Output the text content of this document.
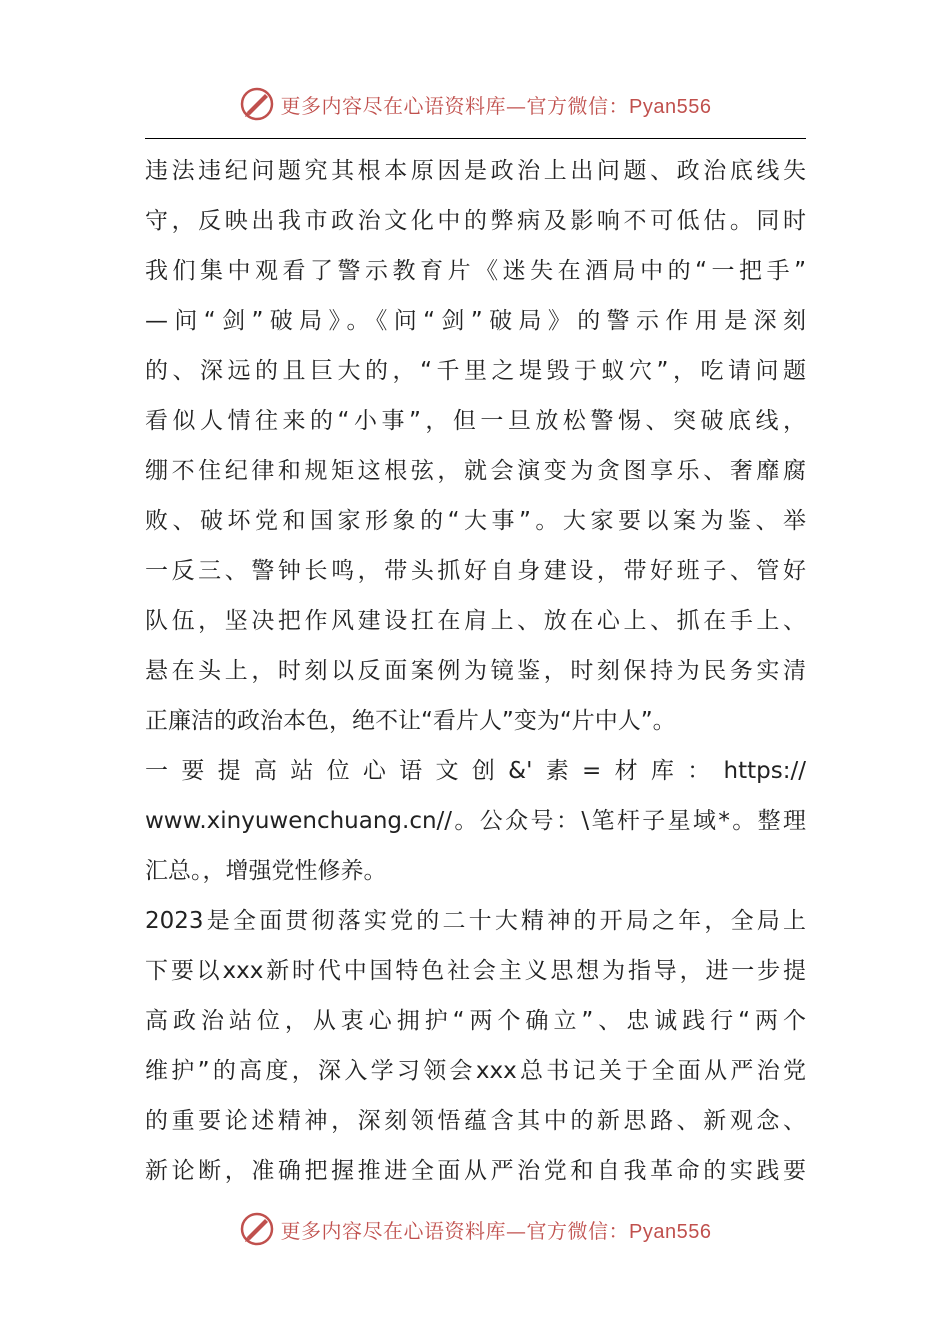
更多内容尽在心语资料库—官方微信：Pyan556
违法违纪问题究其根本原因是政治上出问题、政治底线失
守，反映出我市政治文化中的弊病及影响不可低估。同时
我们集中观看了警示教育片《迷失在酒局中的“一把手”
—问“剑”破局》。《问“剑”破局》的警示作用是深刻
的、深远的且巨大的，“千里之堤毁于蚁穴”，吃请问题
看似人情往来的“小事”，但一旦放松警惕、突破底线，
绷不住纪律和规矩这根弦，就会演变为贪图享乐、奢靡腐
败、破坏党和国家形象的“大事”。大家要以案为鉴、举
一反三、警钟长鸣，带头抓好自身建设，带好班子、管好
队伍，坚决把作风建设扛在肩上、放在心上、抓在手上、
悬在头上，时刻以反面案例为镜鉴，时刻保持为民务实清
正廉洁的政治本色，绝不让“看片人”变为“片中人”。
一要提高站位心语文创&'素=材库：https://
www.xinyuwenchuang.cn//。公众号：\笔杆子星域*。整理
汇总。，增强党性修养。
2023是全面贯彻落实党的二十大精神的开局之年，全局上
下要以xxx新时代中国特色社会主义思想为指导，进一步提
高政治站位，从衷心拥护“两个确立”、忠诚践行“两个
维护”的高度，深入学习领会xxx总书记关于全面从严治党
的重要论述精神，深刻领悟蕴含其中的新思路、新观念、
新论断，准确把握推进全面从严治党和自我革命的实践要
更多内容尽在心语资料库—官方微信：Pyan556
